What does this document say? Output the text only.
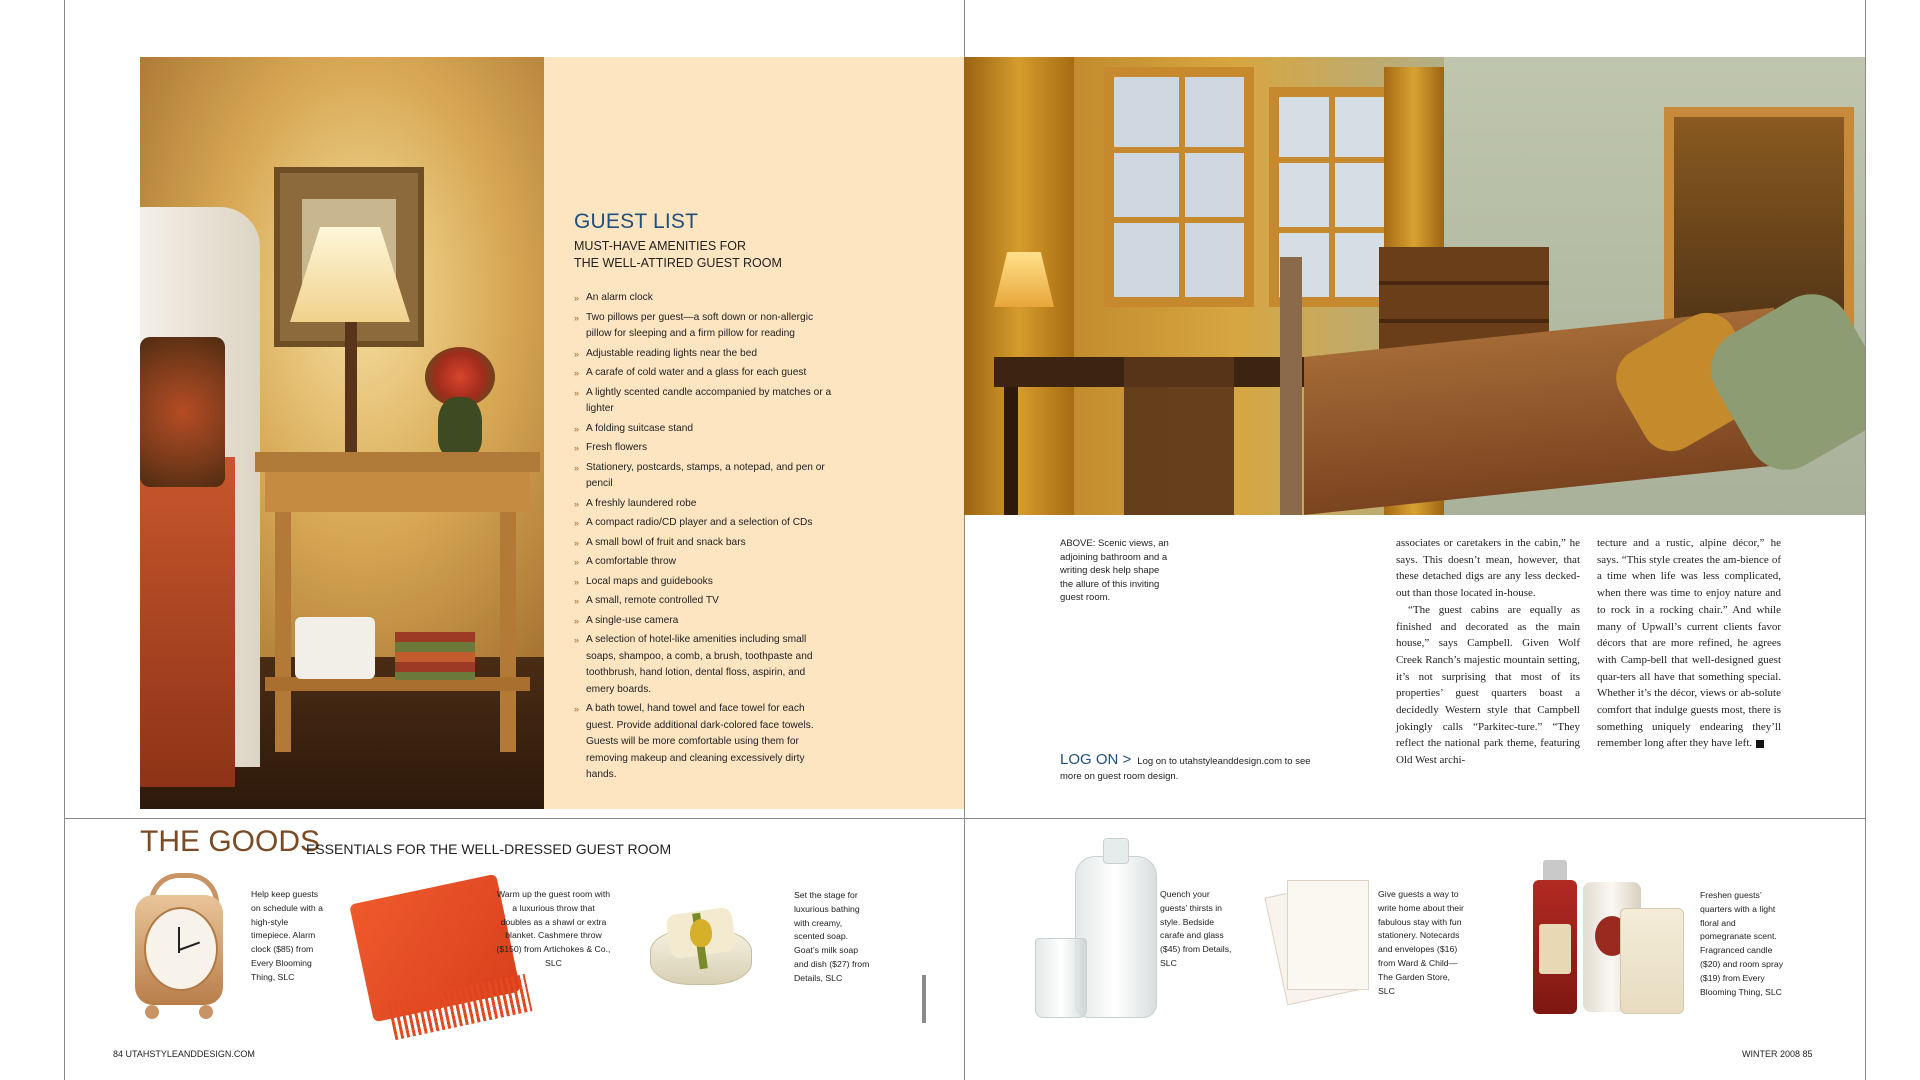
GUEST LIST
MUST-HAVE AMENITIES FOR
THE WELL-ATTIRED GUEST ROOM
» An alarm clock
» Two pillows per guest—a soft down or non-allergic pillow for sleeping and a firm pillow for reading
» Adjustable reading lights near the bed
» A carafe of cold water and a glass for each guest
» A lightly scented candle accompanied by matches or a lighter
» A folding suitcase stand
» Fresh flowers
» Stationery, postcards, stamps, a notepad, and pen or pencil
» A freshly laundered robe
» A compact radio/CD player and a selection of CDs
» A small bowl of fruit and snack bars
» A comfortable throw
» Local maps and guidebooks
» A small, remote controlled TV
» A single-use camera
» A selection of hotel-like amenities including small soaps, shampoo, a comb, a brush, toothpaste and toothbrush, hand lotion, dental floss, aspirin, and emery boards.
» A bath towel, hand towel and face towel for each guest. Provide additional dark-colored face towels. Guests will be more comfortable using them for removing makeup and cleaning excessively dirty hands.
ABOVE: Scenic views, an adjoining bathroom and a writing desk help shape the allure of this inviting guest room.
LOG ON > Log on to utahstyleanddesign.com to see more on guest room design.

associates or caretakers in the cabin,” he says. This doesn’t mean, however, that these detached digs are any less decked-out than those located in-house.

“The guest cabins are equally as finished and decorated as the main house,” says Campbell. Given Wolf Creek Ranch’s majestic mountain setting, it’s not surprising that most of its properties’ guest quarters boast a decidedly Western style that Campbell jokingly calls “Parkitec-ture.” “They reflect the national park theme, featuring Old West archi-

tecture and a rustic, alpine décor,” he says. “This style creates the am-bience of a time when life was less complicated, when there was time to enjoy nature and to rock in a rocking chair.” And while many of Upwall’s current clients favor décors that are more refined, he agrees with Camp-bell that well-designed guest quar-ters all have that something special. Whether it’s the décor, views or ab-solute comfort that indulge guests most, there is something uniquely endearing they’ll remember long after they have left.

THE GOODS
ESSENTIALS FOR THE WELL-DRESSED GUEST ROOM
Help keep guests on schedule with a high-style timepiece. Alarm clock ($85) from Every Blooming Thing, SLC
Warm up the guest room with a luxurious throw that doubles as a shawl or extra blanket. Cashmere throw ($150) from Artichokes & Co., SLC
Set the stage for luxurious bathing with creamy, scented soap. Goat’s milk soap and dish ($27) from Details, SLC
Quench your guests’ thirsts in style. Bedside carafe and glass ($45) from Details, SLC
Give guests a way to write home about their fabulous stay with fun stationery. Notecards and envelopes ($16) from Ward & Child—The Garden Store, SLC
Freshen guests’ quarters with a light floral and pomegranate scent. Fragranced candle ($20) and room spray ($19) from Every Blooming Thing, SLC
84 UTAHSTYLEANDDESIGN.COM	WINTER 2008 85
